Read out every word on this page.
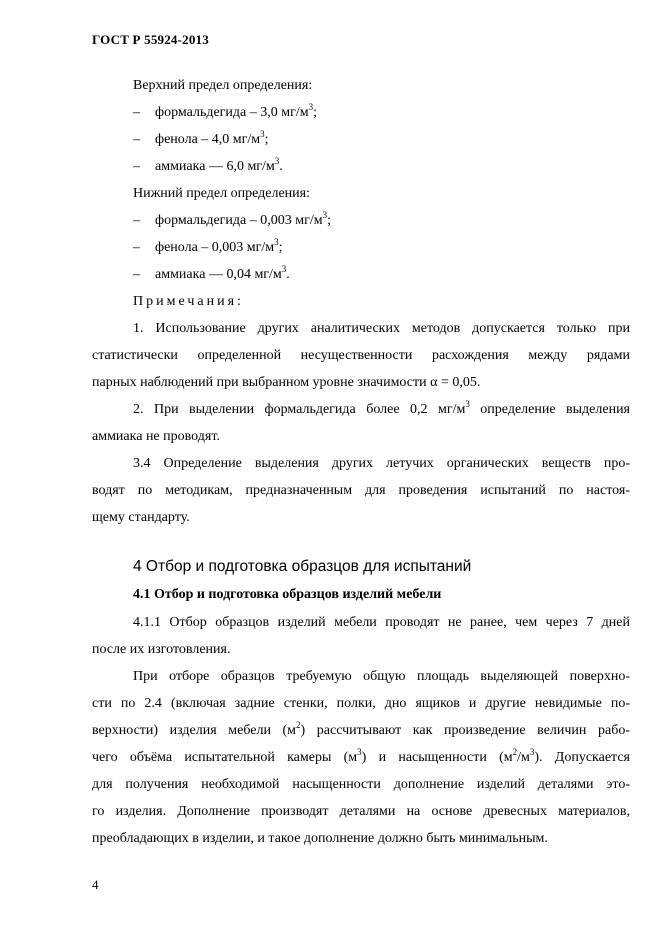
ГОСТ Р 55924-2013
Верхний предел определения:
– формальдегида – 3,0 $мг/м^3$;
– фенола – 4,0 $мг/м^3$;
– аммиака — 6,0 $мг/м^3$.
Нижний предел определения:
– формальдегида – 0,003 $мг/м^3$;
– фенола – 0,003 $мг/м^3$;
– аммиака — 0,04 $мг/м^3$.
Примечания:
1. Использование других аналитических методов допускается только при
статистически определенной несущественности расхождения между рядами
парных наблюдений при выбранном уровне значимости α = 0,05.
2. При выделении формальдегида более 0,2 $мг/м^3$ определение выделения
аммиака не проводят.
3.4 Определение выделения других летучих органических веществ про-
водят по методикам, предназначенным для проведения испытаний по настоя-
щему стандарту.
4 Отбор и подготовка образцов для испытаний
4.1 Отбор и подготовка образцов изделий мебели
4.1.1 Отбор образцов изделий мебели проводят не ранее, чем через 7 дней
после их изготовления.
При отборе образцов требуемую общую площадь выделяющей поверхно-
сти по 2.4 (включая задние стенки, полки, дно ящиков и другие невидимые по-
верхности) изделия мебели $(м^2)$ рассчитывают как произведение величин рабо-
чего объёма испытательной камеры $(м^3)$ и насыщенности $(м^2/м^3)$. Допускается
для получения необходимой насыщенности дополнение изделий деталями это-
го изделия. Дополнение производят деталями на основе древесных материалов,
преобладающих в изделии, и такое дополнение должно быть минимальным.
4
